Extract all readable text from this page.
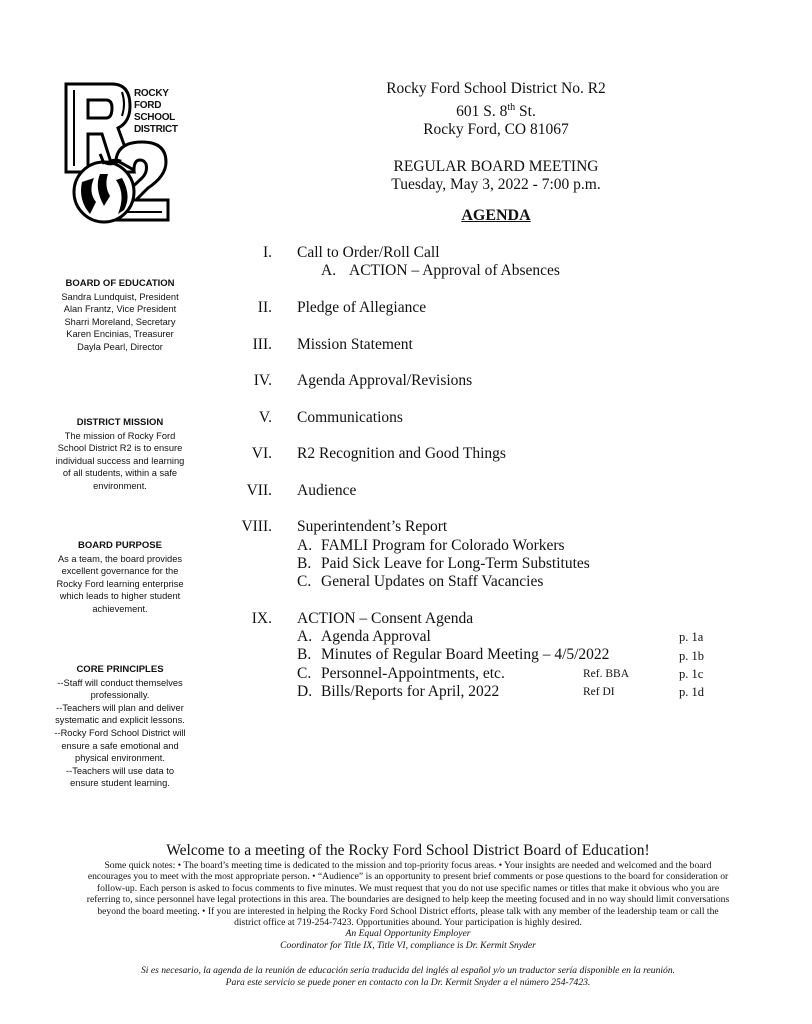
ROCKY
FORD
SCHOOL
DISTRICT
Rocky Ford School District No. R2
601 S. 8th St.
Rocky Ford, CO 81067
REGULAR BOARD MEETING
Tuesday, May 3, 2022 - 7:00 p.m.
AGENDA
BOARD OF EDUCATION
Sandra Lundquist, President
Alan Frantz, Vice President
Sharri Moreland, Secretary
Karen Encinias, Treasurer
Dayla Pearl, Director
DISTRICT MISSION
The mission of Rocky Ford
School District R2 is to ensure
individual success and learning
of all students, within a safe
environment.
BOARD PURPOSE
As a team, the board provides
excellent governance for the
Rocky Ford learning enterprise
which leads to higher student
achievement.
CORE PRINCIPLES
--Staff will conduct themselves
professionally.
--Teachers will plan and deliver
systematic and explicit lessons.
--Rocky Ford School District will
ensure a safe emotional and
physical environment.
--Teachers will use data to
ensure student learning.
I. Call to Order/Roll Call
A. ACTION – Approval of Absences
II. Pledge of Allegiance
III. Mission Statement
IV. Agenda Approval/Revisions
V. Communications
VI. R2 Recognition and Good Things
VII. Audience
VIII. Superintendent’s Report
A. FAMLI Program for Colorado Workers
B. Paid Sick Leave for Long-Term Substitutes
C. General Updates on Staff Vacancies
IX. ACTION – Consent Agenda
A. Agenda Approval	p. 1a
B. Minutes of Regular Board Meeting – 4/5/2022	p. 1b
C. Personnel-Appointments, etc.	Ref. BBA	p. 1c
D. Bills/Reports for April, 2022	Ref DI	p. 1d
Welcome to a meeting of the Rocky Ford School District Board of Education!
Some quick notes: • The board’s meeting time is dedicated to the mission and top-priority focus areas. • Your insights are needed and welcomed and the board
encourages you to meet with the most appropriate person. • “Audience” is an opportunity to present brief comments or pose questions to the board for consideration or
follow-up. Each person is asked to focus comments to five minutes. We must request that you do not use specific names or titles that make it obvious who you are
referring to, since personnel have legal protections in this area. The boundaries are designed to help keep the meeting focused and in no way should limit conversations
beyond the board meeting. • If you are interested in helping the Rocky Ford School District efforts, please talk with any member of the leadership team or call the
district office at 719-254-7423. Opportunities abound. Your participation is highly desired.
An Equal Opportunity Employer
Coordinator for Title IX, Title VI, compliance is Dr. Kermit Snyder
Si es necesario, la agenda de la reunión de educación sería traducida del inglés al español y/o un traductor sería disponible en la reunión.
Para este servicio se puede poner en contacto con la Dr. Kermit Snyder a el número 254-7423.
